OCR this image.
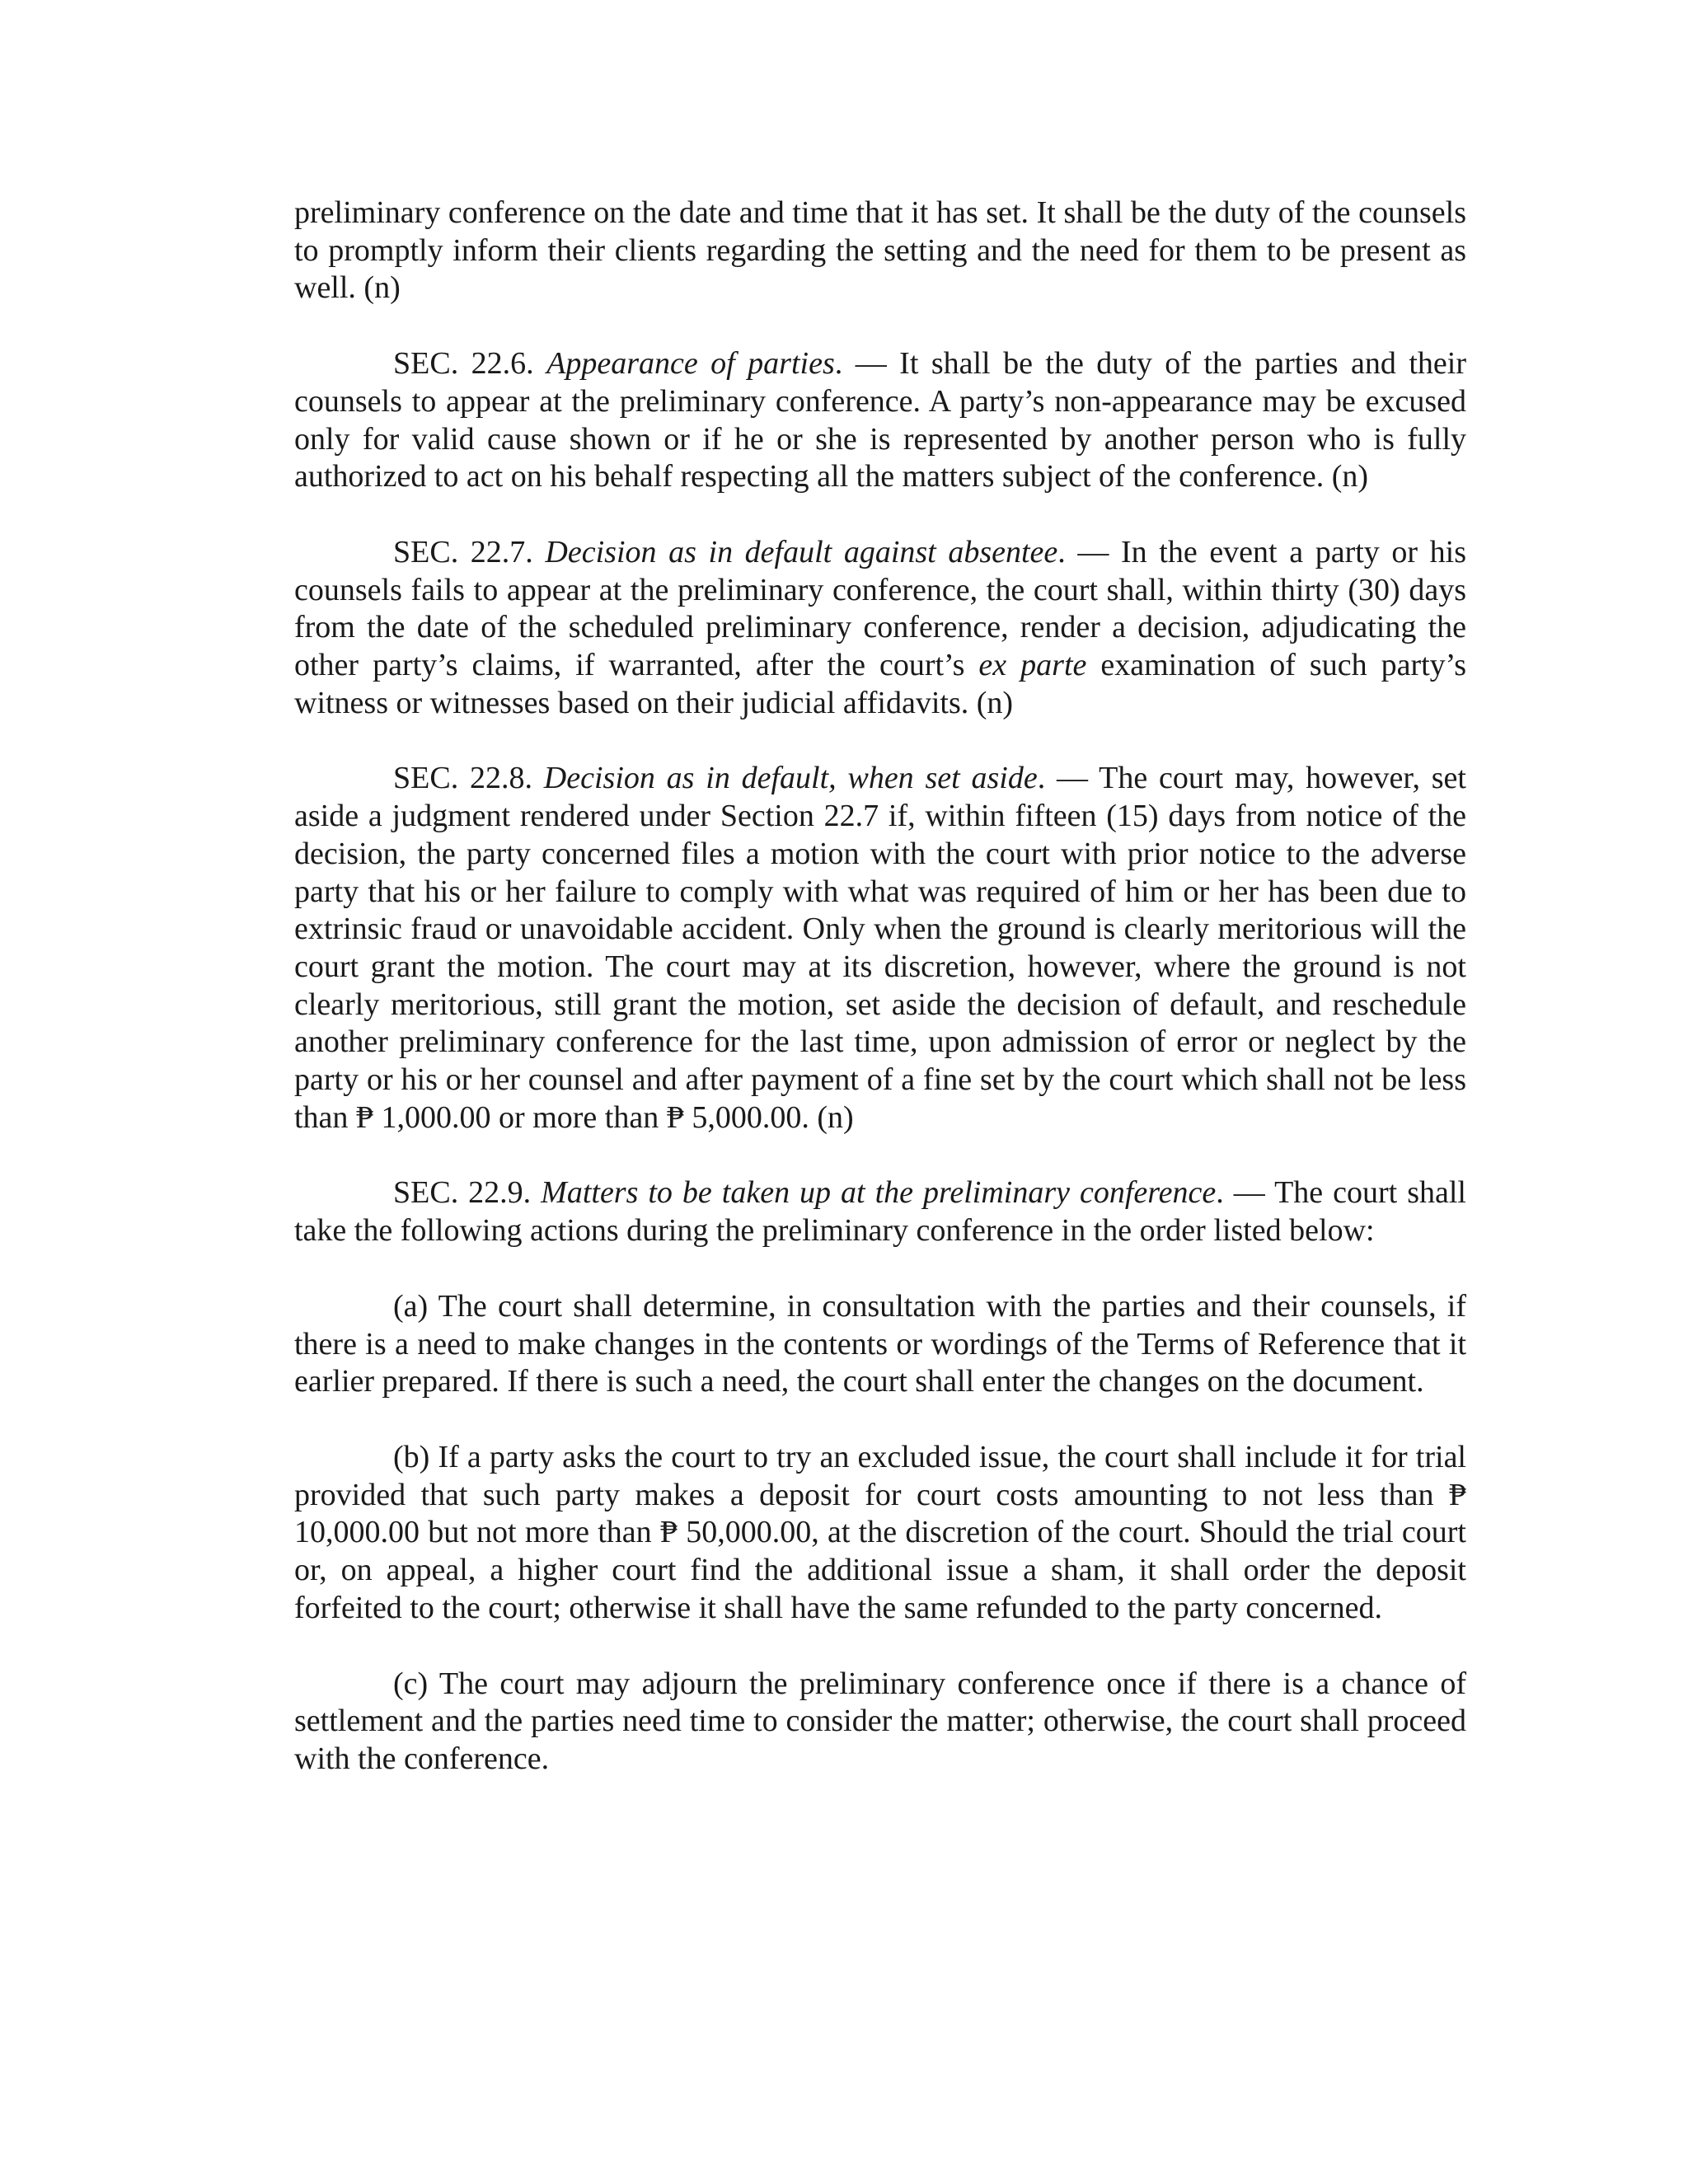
preliminary conference on the date and time that it has set. It shall be the duty of the counsels to promptly inform their clients regarding the setting and the need for them to be present as well. (n)

SEC. 22.6. Appearance of parties. — It shall be the duty of the parties and their counsels to appear at the preliminary conference. A party’s non-appearance may be excused only for valid cause shown or if he or she is represented by another person who is fully authorized to act on his behalf respecting all the matters subject of the conference. (n)

SEC. 22.7. Decision as in default against absentee. — In the event a party or his counsels fails to appear at the preliminary conference, the court shall, within thirty (30) days from the date of the scheduled preliminary conference, render a decision, adjudicating the other party’s claims, if warranted, after the court’s ex parte examination of such party’s witness or witnesses based on their judicial affidavits. (n)

SEC. 22.8. Decision as in default, when set aside. — The court may, however, set aside a judgment rendered under Section 22.7 if, within fifteen (15) days from notice of the decision, the party concerned files a motion with the court with prior notice to the adverse party that his or her failure to comply with what was required of him or her has been due to extrinsic fraud or unavoidable accident. Only when the ground is clearly meritorious will the court grant the motion. The court may at its discretion, however, where the ground is not clearly meritorious, still grant the motion, set aside the decision of default, and reschedule another preliminary conference for the last time, upon admission of error or neglect by the party or his or her counsel and after payment of a fine set by the court which shall not be less than ₱ 1,000.00 or more than ₱ 5,000.00. (n)

SEC. 22.9. Matters to be taken up at the preliminary conference. — The court shall take the following actions during the preliminary conference in the order listed below:

(a) The court shall determine, in consultation with the parties and their counsels, if there is a need to make changes in the contents or wordings of the Terms of Reference that it earlier prepared. If there is such a need, the court shall enter the changes on the document.

(b) If a party asks the court to try an excluded issue, the court shall include it for trial provided that such party makes a deposit for court costs amounting to not less than ₱ 10,000.00 but not more than ₱ 50,000.00, at the discretion of the court. Should the trial court or, on appeal, a higher court find the additional issue a sham, it shall order the deposit forfeited to the court; otherwise it shall have the same refunded to the party concerned.

(c) The court may adjourn the preliminary conference once if there is a chance of settlement and the parties need time to consider the matter; otherwise, the court shall proceed with the conference.
